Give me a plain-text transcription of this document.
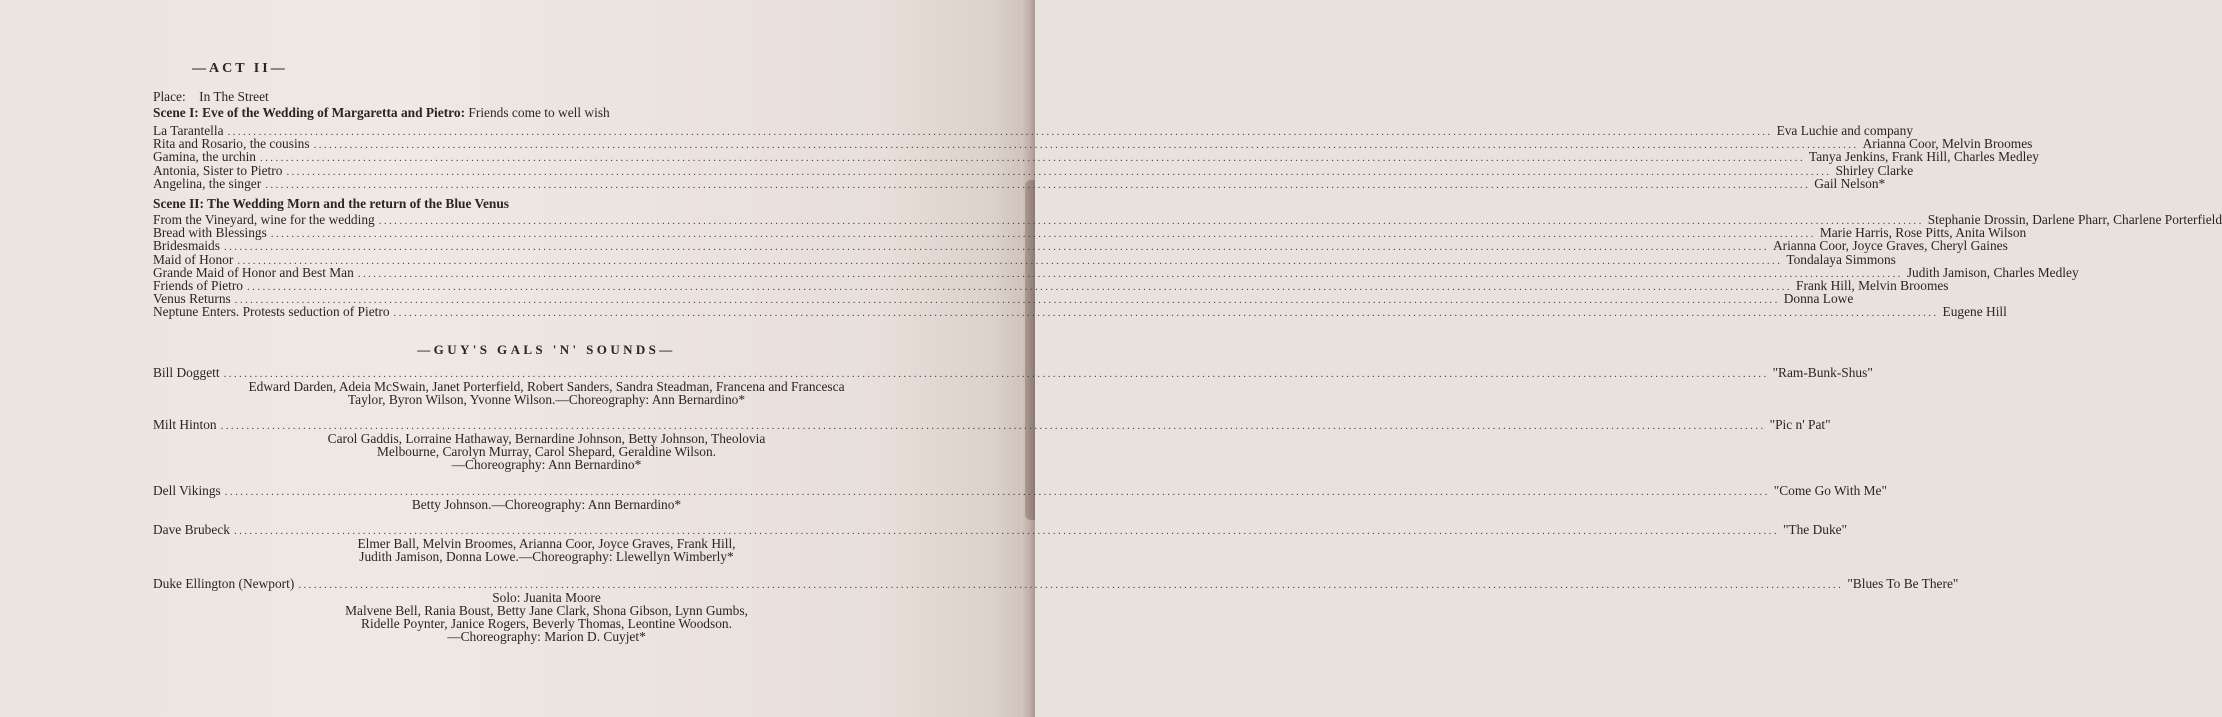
—ACT II—
Place: In The Street
Scene I: Eve of the Wedding of Margaretta and Pietro: Friends come to well wish
La Tarantella ............................................................................................................................................................................................................................................................................................................ Eva Luchie and company
Rita and Rosario, the cousins ............................................................................................................................................................................................................................................................................................................ Arianna Coor, Melvin Broomes
Gamina, the urchin ............................................................................................................................................................................................................................................................................................................ Tanya Jenkins, Frank Hill, Charles Medley
Antonia, Sister to Pietro ............................................................................................................................................................................................................................................................................................................ Shirley Clarke
Angelina, the singer ............................................................................................................................................................................................................................................................................................................ Gail Nelson*
Scene II: The Wedding Morn and the return of the Blue Venus
From the Vineyard, wine for the wedding ............................................................................................................................................................................................................................................................................................................ Stephanie Drossin, Darlene Pharr, Charlene Porterfield
Bread with Blessings ............................................................................................................................................................................................................................................................................................................ Marie Harris, Rose Pitts, Anita Wilson
Bridesmaids ............................................................................................................................................................................................................................................................................................................ Arianna Coor, Joyce Graves, Cheryl Gaines
Maid of Honor ............................................................................................................................................................................................................................................................................................................ Tondalaya Simmons
Grande Maid of Honor and Best Man ............................................................................................................................................................................................................................................................................................................ Judith Jamison, Charles Medley
Friends of Pietro ............................................................................................................................................................................................................................................................................................................ Frank Hill, Melvin Broomes
Venus Returns ............................................................................................................................................................................................................................................................................................................ Donna Lowe
Neptune Enters. Protests seduction of Pietro ............................................................................................................................................................................................................................................................................................................ Eugene Hill
—GUY'S GALS 'N' SOUNDS—
Bill Doggett ............................................................................................................................................................................................................................................................................................................ "Ram-Bunk-Shus"
Edward Darden, Adeia McSwain, Janet Porterfield, Robert Sanders, Sandra Steadman, Francena and Francesca
Taylor, Byron Wilson, Yvonne Wilson.—Choreography: Ann Bernardino*
Milt Hinton ............................................................................................................................................................................................................................................................................................................ "Pic n' Pat"
Carol Gaddis, Lorraine Hathaway, Bernardine Johnson, Betty Johnson, Theolovia
Melbourne, Carolyn Murray, Carol Shepard, Geraldine Wilson.
—Choreography: Ann Bernardino*
Dell Vikings ............................................................................................................................................................................................................................................................................................................ "Come Go With Me"
Betty Johnson.—Choreography: Ann Bernardino*
Dave Brubeck ............................................................................................................................................................................................................................................................................................................ "The Duke"
Elmer Ball, Melvin Broomes, Arianna Coor, Joyce Graves, Frank Hill,
Judith Jamison, Donna Lowe.—Choreography: Llewellyn Wimberly*
Duke Ellington (Newport) ............................................................................................................................................................................................................................................................................................................ "Blues To Be There"
Solo: Juanita Moore
Malvene Bell, Rania Boust, Betty Jane Clark, Shona Gibson, Lynn Gumbs,
Ridelle Poynter, Janice Rogers, Beverly Thomas, Leontine Woodson.
—Choreography: Marion D. Cuyjet*
